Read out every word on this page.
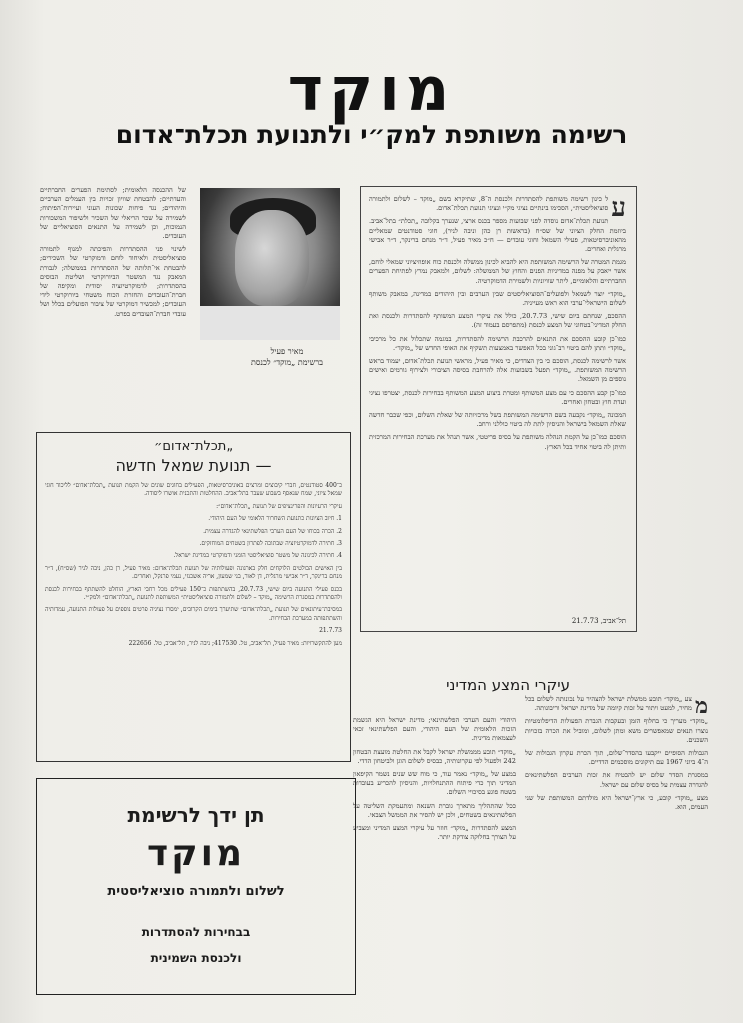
מוקד
רשימה משותפת למק״י ולתנועת תכלת־אדום
ע

ל כינון רשימה משותפת להסתדרות ולכנסת ה־8, שתיקרא בשם „מוקד – לשלום ולתמורה סוציאליסטית״, הסכימו בינתיים נציגי מק״י ונציגי תנועת תכלת־אדום.

תנועת תכלת־אדום נוסדה לפני שבועות מספר בכנס ארצי, שנערך בקלובה „תכלת״ בתל־אביב. ביוזמת החלק הציוני של שס״ח (בראשות רן כהן וניבה לניר), חוגי סטודנטים שמאליים מהאוניברסיטאות, פעילי השמאל וחוגי עובדים — ח״כ מאיר פעיל, ד״ר מנחם ברינקר, ד״ר אבישי מרגלית ואחרים.

מגמת המטרה של הרשימה המשותפת היא להביא לכינון ממשלה ולכנסת כוח אופוזיציוני שמאלי לוחם, אשר ייאבק על מפנה במדיניות הפנים והחוץ של הממשלה: לשלום, ולמאבק נמרץ לפתיחת הפערים החברתיים והלאומיים, ליתר שוויוניות ולשמירת הדמוקרטיה.

„מוקד״ יוצר לשמאל ולפועלים־הסוציאליסטים שבין הערבים ובין היהודים במדינה, במאבק משותף לשלום הישראלי־ערבי הוא ראש מעייניה.

ההסכם, שנחתם ביום שישי, 20.7.73, כולל את עיקרי המצע המשותף להסתדרות ולכנסת ואת החלק המדיני־בטחוני של המצע לכנסת (מתפרסם בעמוד זה).

כמו־כן קובע ההסכם את התנאים להרכבת הרשימה להסתדרות, במגמה שתכלול את כל מרכיבי „מוקד״ ותתן להם ביטוי רב־גוני בכל האפשר באמצעות תשקיף את האופי החדש של „מוקד״.

אשר לרשימה לכנסת, הוסכם כי בין הצדדים, כי מאיר פעיל, מראשי תנועת תכלת־אדום, יעמוד בראש הרשימה המשותפת. „מוקד״ תפעל בשבועות אלה להרחבת בסיסה הציבורי ולצירוף גורמים ואישים נוספים מן השמאל.

כמו־כן קבע ההסכם כי עם מצע המשותף ומטרת ביצוע המצע המשותף בבחירות לכנסת, יצטרפו נציגי ועדת חוץ ובטחון ואחרים.

המכונה „מוקד״ נקבעה בשם הרשימה המשותפת בשל מרכזיותה של שאלת השלום, וכפי שכבר חדשה שאלת השמאל בישראל והניסיון לתת לה ביטוי כוללני ורחב.

הוסכם כמו־כן על הקמת הנהלה משותפת על בסיס פריטטי, אשר תנהל את מערכת הבחירות המרכזית ותיתן לה ביטוי אחיד בכל הארץ.

תל־אביב, 21.7.73

של ההכנסה הלאומית; לסתימת הפערים החברתיים והעדתיים; להבטחת שוויון זכויות בין העמלים הערביים והיהודים; נגד פיחות שכונות העוני ועיירות־הפיתוח; לשמירה על שכר הריאלי של השכיר ולשיפור המשכורות הנמוכות, וכן לשמירה על התנאים הסוציאליים של העובדים.

לשינוי פני ההסתדרות והפיכתה למנוף לתמורה סוציאליסטית ולאיחוד לוחם ודמוקרטי של השכירים; להבטחת אי־תלותה של ההסתדרות בממשלה; לגבורת המאבק נגד המשטר הביורוקרטי ושליטת הבוסים בהסתדרות; לדמוקרטיזציה יסודית ומקיפה של חברת־העובדים והחזרת הכוח משטחי ביורוקרטי לידי העובדים; למכשיר דמוקרטי של ציבור הפועלים בכלל ושל עובדי חברת־העובדים בפרט.

מאיר פעיל
ברשימת „מוקד״ לכנסת
„תכלת־אדום״
— תנועת שמאל חדשה

כ־400 סטודנטים, חברי קיבוצים ומרצים באוניברסיטאות, הפעילים בחוגים שונים של הקמת תנועת „תכלת־אדום״ לליכוד חוגי שמאל ציוני, שמח שנאסף בשבוע שעבר בתל־אביב. ההחלטות והתכנית אושרו ליסודה.

עיקרי הרעיונות והפרינציפים של תנועת „תכלת־אדום״:

1. חיוב הציונות כתנועת השחרור הלאומי של העם היהודי.

2. הכרה בכוחו של העם הערבי הפלשתינאי להגדרה עצמית.

3. חתירה לדמוקרטיזציה שבתוכה לפתרון בשטחים המוחזקים.

4. חתירה לכינונה של משטר סוציאליסטי הומני ודמוקרטי במדינת ישראל.

בין האישים הבולטים הלוקחים חלק בארגונה ופעולותיה של תנועת תכלת־אדום: מאיר פעיל, רן כהן, ניבה לניר (שס״ח), ד״ר מנחם ברינקר, ד״ר אבישי מרגלית, דן לאור, בני שמעון, אריה אשכנזי, נעמי פרנקל, ואחרים.

בכנס פעילי התנועה ביום שישי, 20.7.73, בהשתתפות כ־150 פעילים מכל רחבי הארץ, הוחלט להשתתף בבחירות לכנסת ולהסתדרות במסגרת הרשימה „מוקד – לשלום ולתמורה סוציאליסטית״ המשותפת לתנועת „תכלת־אדום״ ולמק״י.

במסיבת־עיתונאים של תנועת „תכלת־אדום״ שתיערך בימים הקרובים, ימסרו נציגיה פרטים נוספים על פעולות התנועה, עמדותיה והשתתפותה במערכת הבחירות.

21.7.73

מען להתקשרויות: מאיר פעיל, תל־אביב, טל. 417530; ניבה לניר, תל־אביב, טל. 222656
עיקרי המצע המדיני
מ

צע „מוקד״ תובע ממשלת ישראל להצהיר על נכונותה לשלום בכל מחיר, למעט ויתור על זכות קיומה של מדינת ישראל וריבונותה.

„מוקד״ מעריך כי בחלוף הזמן ובעקבות הגברת הפעולות הדיפלומטיות נוצרו תנאים שמאפשרים משא ומתן לשלום, ומוביל את הכרה בזכויות השכנים.

הגבולות הסופיים ייקבעו בהסדר־שלום, תוך הכרת עקרון הגבולות של ה־4 ביוני 1967 עם תיקונים מוסכמים הדדיים.

במסגרת הסדר שלום יש להבטיח את זכות הערבים הפלשתינאים להגדרה עצמית על בסיס שלום עם ישראל.

מצע „מוקד״ קובע, כי ארץ־ישראל היא מולדתם המשותפת של שני העמים, הוא.

היהודי והעם הערבי הפלשתינאי; מדינת ישראל היא הגשמת הזכות הלאומית של העם היהודי, והעם הפלשתינאי זכאי לעצמאות מדינית.

„מוקד״ תובע מממשלת ישראל לקבל את החלטת מועצת הבטחון 242 ולפעול לפי עקרונותיה, כבסיס לשלום הוגן ולביטחון הדדי.

במצע של „מוקד״ נאמר עוד, כי מוח שש שנים נשמר הקיפאון המדיני תוך כדי פיתוח ההתנחלויות, והניסיון להכריע בעובדות בשטח פוגע בסיכויי השלום.

ככל שהתהליך מתארך גוברת השנאה ומתעמקת השליטה על הפלשתינאים בשטחים, ולכן יש להסיר את הממשל הצבאי.

המצע להסתדרות „מוקד״ חוזר על עיקרי המצע המדיני ומצביע על הצורך בחלוקה צודקת יותר.

תן ידך לרשימת
מוקד
לשלום ולתמורה סוציאליסטית
בבחירות להסתדרות
ולכנסת השמינית
